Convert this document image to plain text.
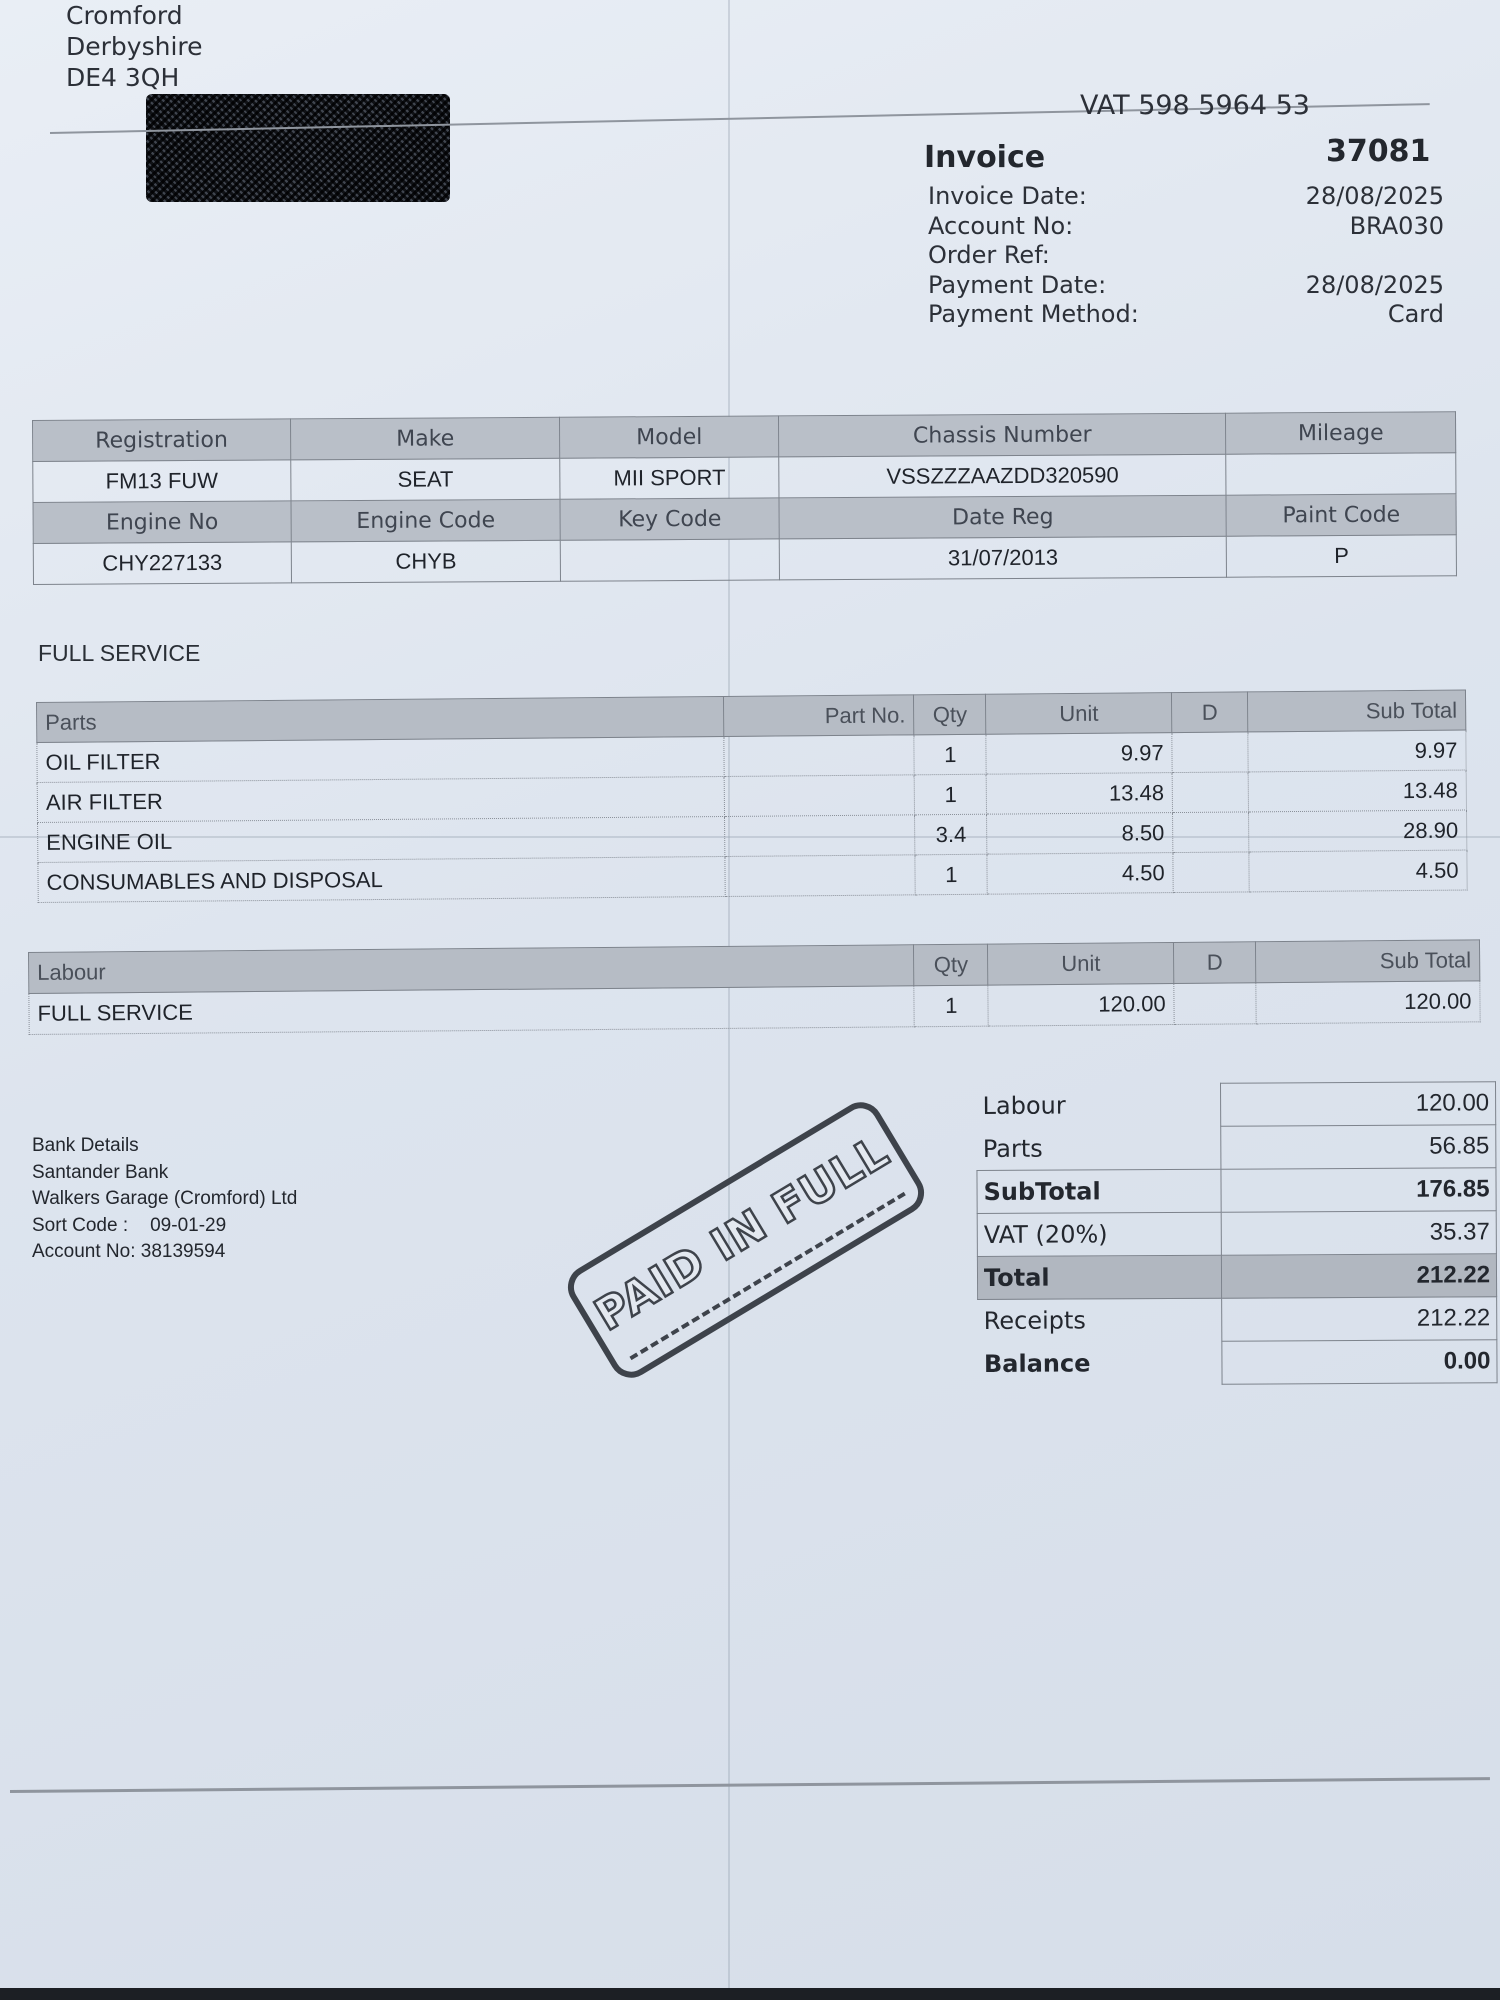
Cromford
Derbyshire
DE4 3QH
VAT 598 5964 53
Invoice	37081
Invoice Date:	28/08/2025
Account No:	BRA030
Order Ref:
Payment Date:	28/08/2025
Payment Method:	Card
Registration	Make	Model	Chassis Number	Mileage
FM13 FUW	SEAT	MII SPORT	VSSZZZAAZDD320590	
Engine No	Engine Code	Key Code	Date Reg	Paint Code
CHY227133	CHYB		31/07/2013	P
FULL SERVICE
Parts	Part No.	Qty	Unit	D	Sub Total
OIL FILTER		1	9.97		9.97
AIR FILTER		1	13.48		13.48
ENGINE OIL		3.4	8.50		28.90
CONSUMABLES AND DISPOSAL		1	4.50		4.50
Labour	Qty	Unit	D	Sub Total
FULL SERVICE	1	120.00		120.00
Bank Details
Santander Bank
Walkers Garage (Cromford) Ltd
Sort Code : 09-01-29
Account No: 38139594	PAID IN FULL
Labour	120.00
Parts	56.85
SubTotal	176.85
VAT (20%)	35.37
Total	212.22
Receipts	212.22
Balance	0.00
